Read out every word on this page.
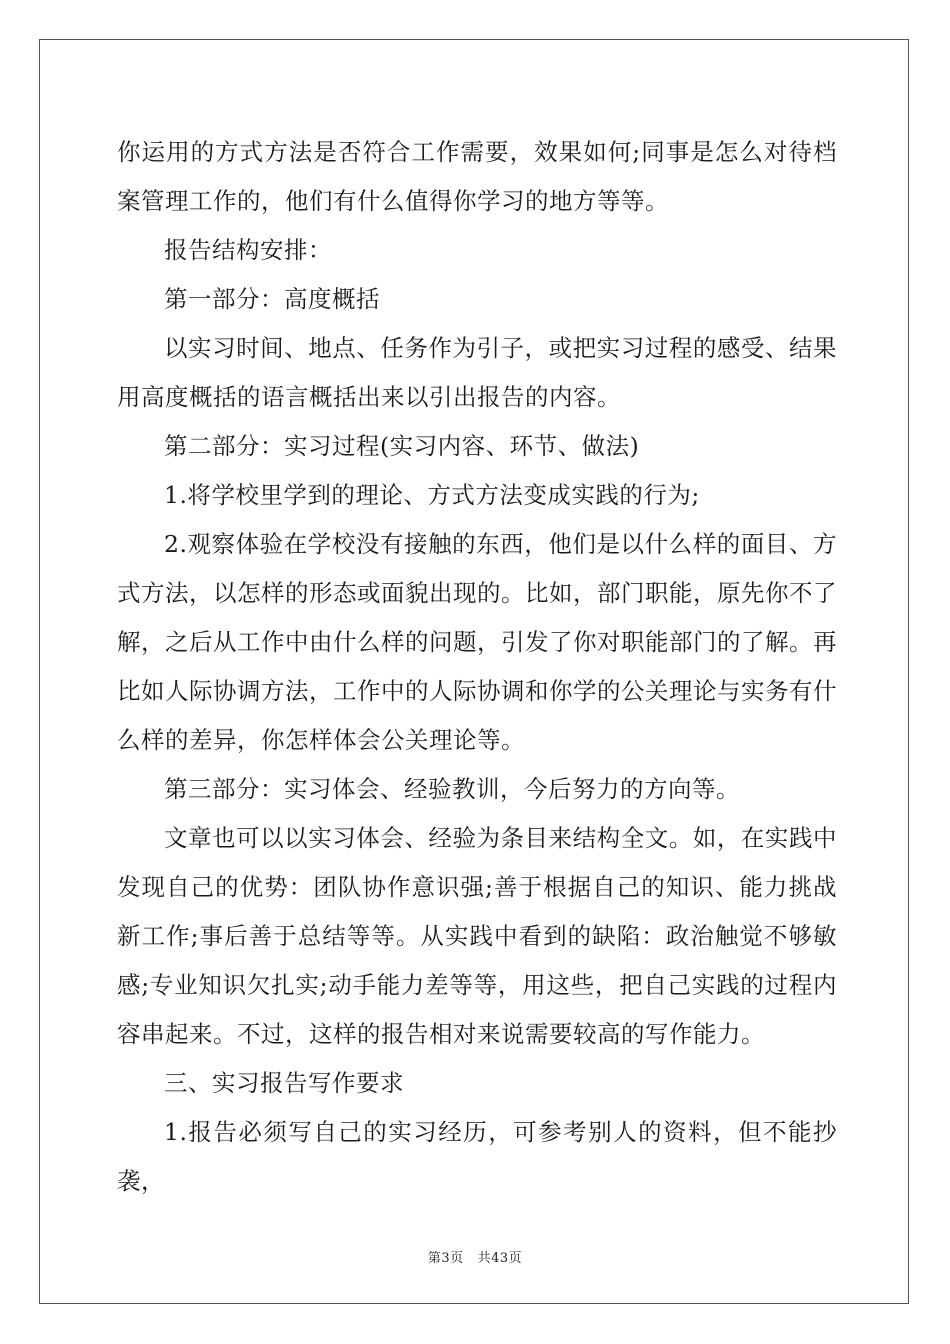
你运用的方式方法是否符合工作需要，效果如何;同事是怎么对待档案管理工作的，他们有什么值得你学习的地方等等。

报告结构安排：

第一部分：高度概括

以实习时间、地点、任务作为引子，或把实习过程的感受、结果用高度概括的语言概括出来以引出报告的内容。

第二部分：实习过程(实习内容、环节、做法)

1.将学校里学到的理论、方式方法变成实践的行为;

2.观察体验在学校没有接触的东西，他们是以什么样的面目、方式方法，以怎样的形态或面貌出现的。比如，部门职能，原先你不了解，之后从工作中由什么样的问题，引发了你对职能部门的了解。再比如人际协调方法，工作中的人际协调和你学的公关理论与实务有什么样的差异，你怎样体会公关理论等。

第三部分：实习体会、经验教训，今后努力的方向等。

文章也可以以实习体会、经验为条目来结构全文。如，在实践中发现自己的优势：团队协作意识强;善于根据自己的知识、能力挑战新工作;事后善于总结等等。从实践中看到的缺陷：政治触觉不够敏感;专业知识欠扎实;动手能力差等等，用这些，把自己实践的过程内容串起来。不过，这样的报告相对来说需要较高的写作能力。

三、实习报告写作要求

1.报告必须写自己的实习经历，可参考别人的资料，但不能抄袭，

第3页 共43页
